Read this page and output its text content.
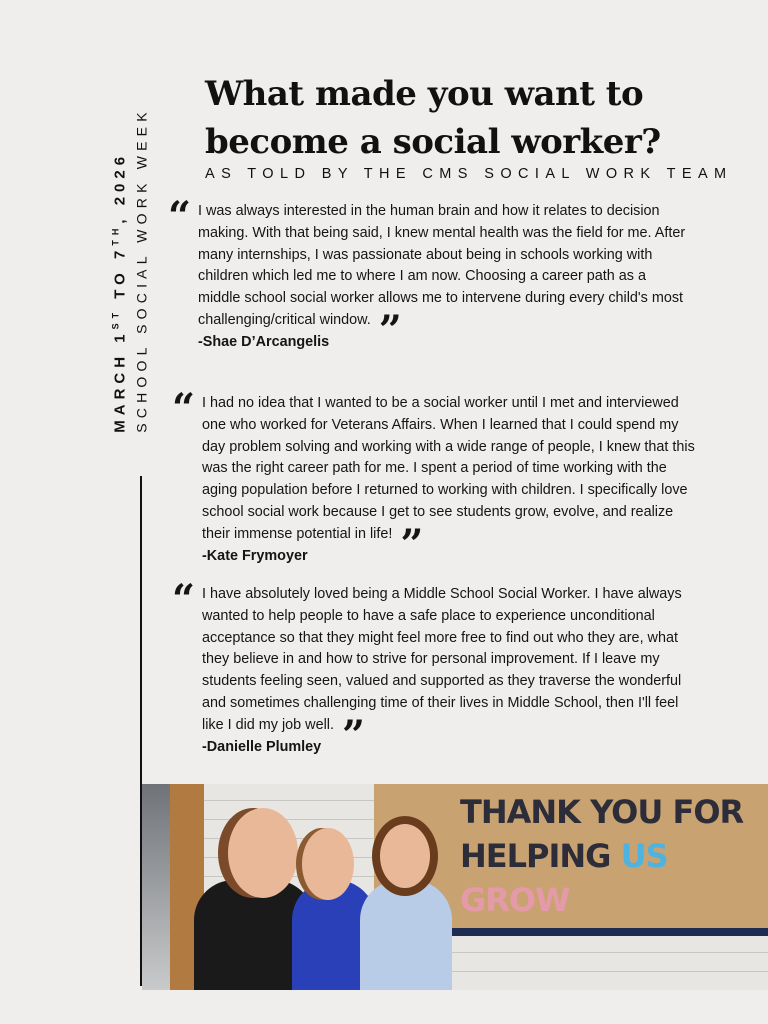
MARCH 1ST TO 7TH, 2026 SCHOOL SOCIAL WORK WEEK
What made you want to
become a social worker?
AS TOLD BY THE CMS SOCIAL WORK TEAM
“ I was always interested in the human brain and how it relates to decision making. With that being said, I knew mental health was the field for me. After many internships, I was passionate about being in schools working with children which led me to where I am now. Choosing a career path as a middle school social worker allows me to intervene during every child's most challenging/critical window. ”
-Shae D’Arcangelis
“ I had no idea that I wanted to be a social worker until I met and interviewed one who worked for Veterans Affairs. When I learned that I could spend my day problem solving and working with a wide range of people, I knew that this was the right career path for me. I spent a period of time working with the aging population before I returned to working with children. I specifically love school social work because I get to see students grow, evolve, and realize their immense potential in life! ”
-Kate Frymoyer
“ I have absolutely loved being a Middle School Social Worker. I have always wanted to help people to have a safe place to experience unconditional acceptance so that they might feel more free to find out who they are, what they believe in and how to strive for personal improvement. If I leave my students feeling seen, valued and supported as they traverse the wonderful and sometimes challenging time of their lives in Middle School, then I'll feel like I did my job well. ”
-Danielle Plumley
THANK YOU FOR
HELPING US
GROW
